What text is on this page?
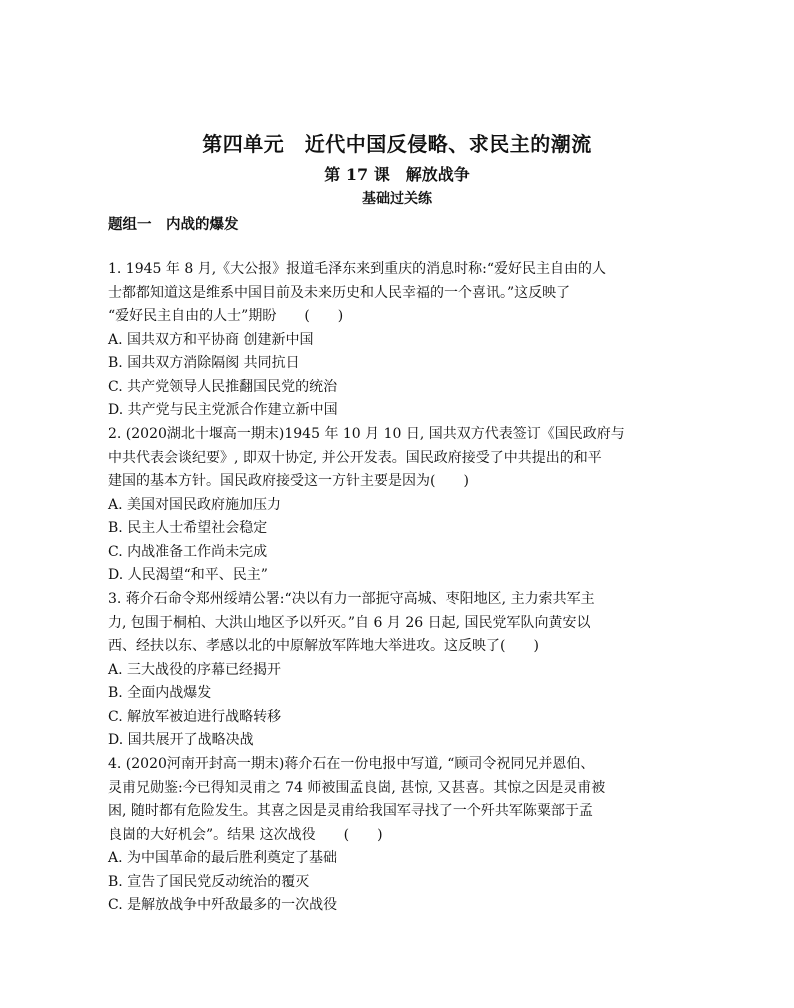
第四单元　近代中国反侵略、求民主的潮流
第 17 课　解放战争
基础过关练
题组一　内战的爆发
1. 1945 年 8 月,《大公报》报道毛泽东来到重庆的消息时称:“爱好民主自由的人
士都都知道这是维系中国目前及未来历史和人民幸福的一个喜讯。”这反映了
“爱好民主自由的人士”期盼　　(　　)
A. 国共双方和平协商 创建新中国
B. 国共双方消除隔阂 共同抗日
C. 共产党领导人民推翻国民党的统治
D. 共产党与民主党派合作建立新中国
2. (2020湖北十堰高一期末)1945 年 10 月 10 日, 国共双方代表签订《国民政府与
中共代表会谈纪要》, 即双十协定, 并公开发表。国民政府接受了中共提出的和平
建国的基本方针。国民政府接受这一方针主要是因为(　　)
A. 美国对国民政府施加压力
B. 民主人士希望社会稳定
C. 内战准备工作尚未完成
D. 人民渴望“和平、民主”
3. 蒋介石命令郑州绥靖公署:“决以有力一部扼守高城、枣阳地区, 主力索共军主
力, 包围于桐柏、大洪山地区予以歼灭。”自 6 月 26 日起, 国民党军队向黄安以
西、经扶以东、孝感以北的中原解放军阵地大举进攻。这反映了(　　)
A. 三大战役的序幕已经揭开
B. 全面内战爆发
C. 解放军被迫进行战略转移
D. 国共展开了战略决战
4. (2020河南开封高一期末)蒋介石在一份电报中写道, “顾司令祝同兄并恩伯、
灵甫兄勋鉴:今已得知灵甫之 74 师被围孟良崮, 甚惊, 又甚喜。其惊之因是灵甫被
困, 随时都有危险发生。其喜之因是灵甫给我国军寻找了一个歼共军陈粟部于孟
良崮的大好机会”。结果 这次战役　　(　　)
A. 为中国革命的最后胜利奠定了基础
B. 宣告了国民党反动统治的覆灭
C. 是解放战争中歼敌最多的一次战役
